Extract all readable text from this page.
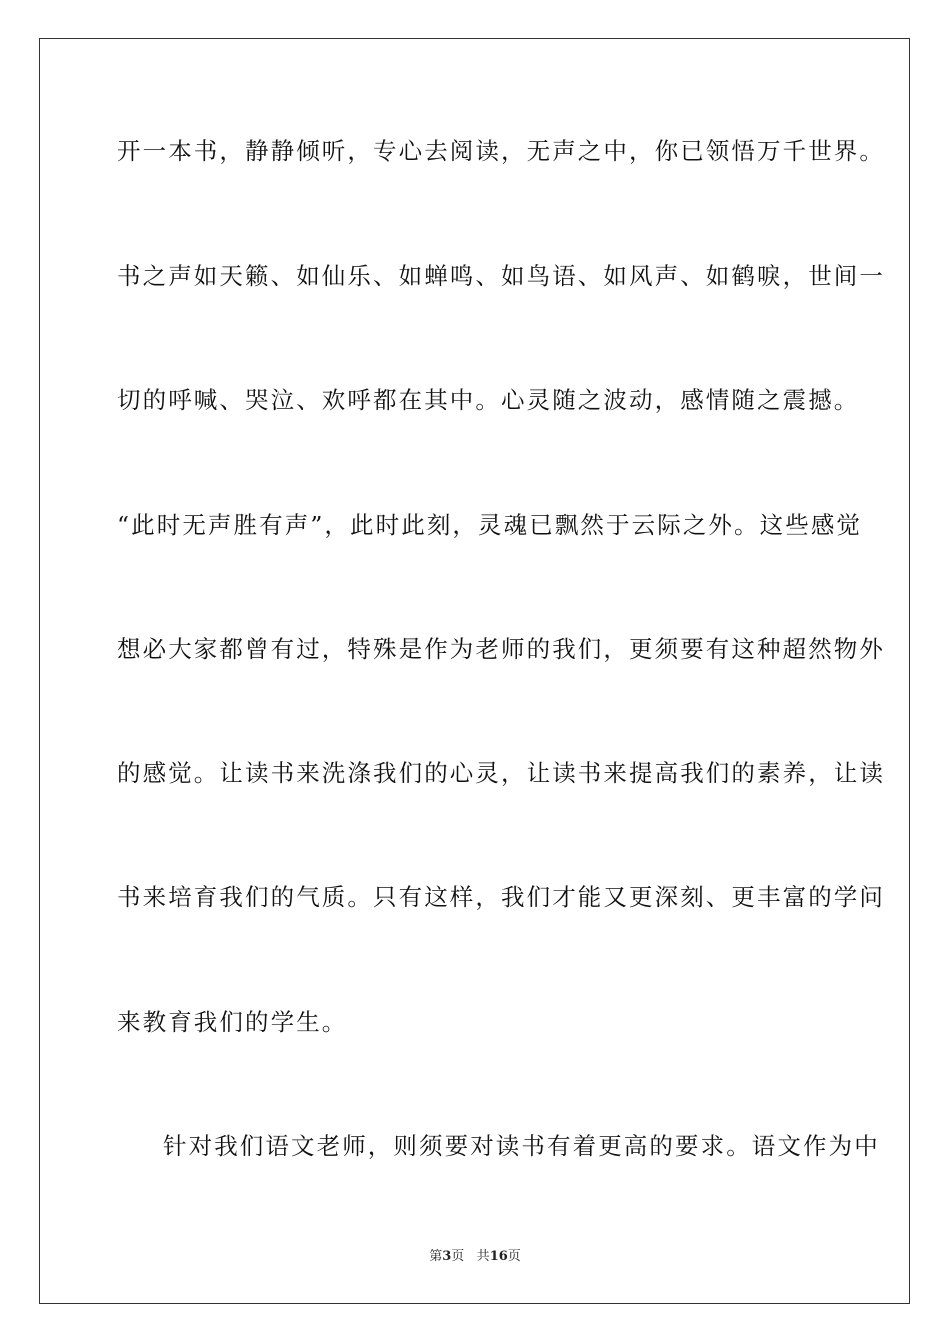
开一本书，静静倾听，专心去阅读，无声之中，你已领悟万千世界。
书之声如天籁、如仙乐、如蝉鸣、如鸟语、如风声、如鹤唳，世间一
切的呼喊、哭泣、欢呼都在其中。心灵随之波动，感情随之震撼。
“此时无声胜有声”，此时此刻，灵魂已飘然于云际之外。这些感觉
想必大家都曾有过，特殊是作为老师的我们，更须要有这种超然物外
的感觉。让读书来洗涤我们的心灵，让读书来提高我们的素养，让读
书来培育我们的气质。只有这样，我们才能又更深刻、更丰富的学问
来教育我们的学生。
针对我们语文老师，则须要对读书有着更高的要求。语文作为中
第3页 共16页
